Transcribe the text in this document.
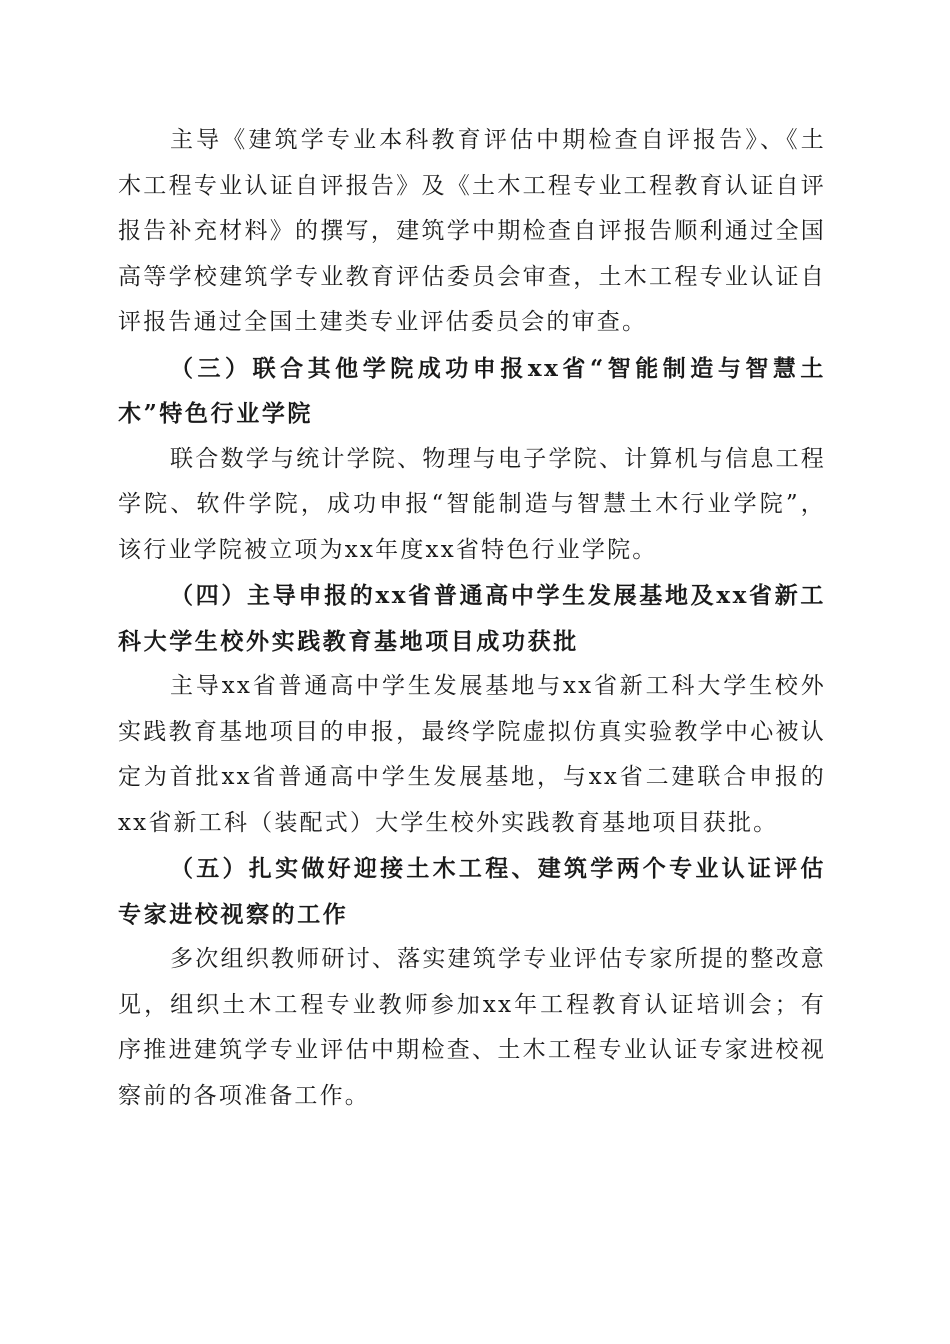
主导《建筑学专业本科教育评估中期检查自评报告》、《土木工程专业认证自评报告》及《土木工程专业工程教育认证自评报告补充材料》的撰写，建筑学中期检查自评报告顺利通过全国高等学校建筑学专业教育评估委员会审查，土木工程专业认证自评报告通过全国土建类专业评估委员会的审查。

（三）联合其他学院成功申报xx省“智能制造与智慧土木”特色行业学院

联合数学与统计学院、物理与电子学院、计算机与信息工程学院、软件学院，成功申报“智能制造与智慧土木行业学院”，该行业学院被立项为xx年度xx省特色行业学院。

（四）主导申报的xx省普通高中学生发展基地及xx省新工科大学生校外实践教育基地项目成功获批

主导xx省普通高中学生发展基地与xx省新工科大学生校外实践教育基地项目的申报，最终学院虚拟仿真实验教学中心被认定为首批xx省普通高中学生发展基地，与xx省二建联合申报的xx省新工科（装配式）大学生校外实践教育基地项目获批。

（五）扎实做好迎接土木工程、建筑学两个专业认证评估专家进校视察的工作

多次组织教师研讨、落实建筑学专业评估专家所提的整改意见，组织土木工程专业教师参加xx年工程教育认证培训会；有序推进建筑学专业评估中期检查、土木工程专业认证专家进校视察前的各项准备工作。
